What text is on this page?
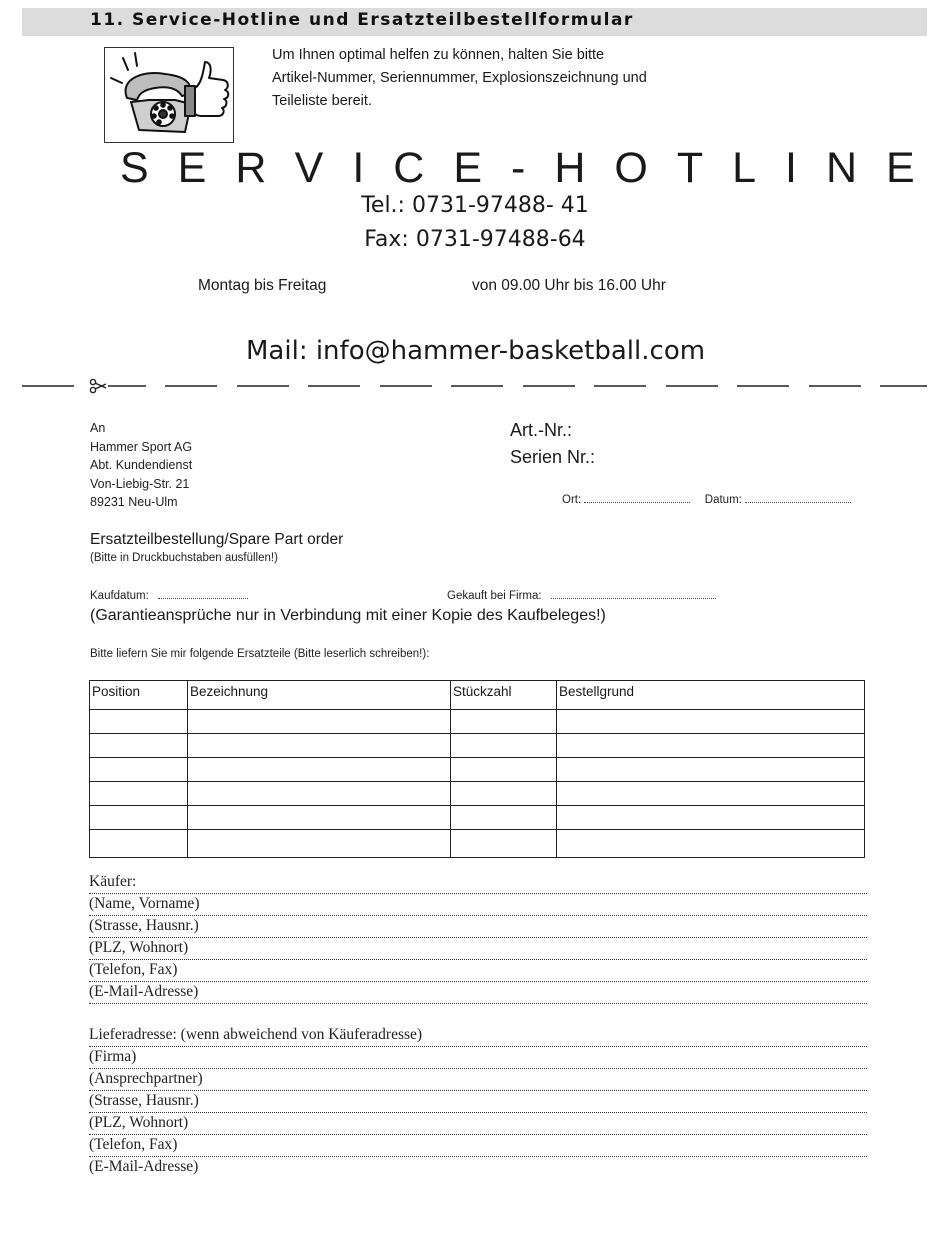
11. Service-Hotline und Ersatzteilbestellformular
Um Ihnen optimal helfen zu können, halten Sie bitte
Artikel-Nummer, Seriennummer, Explosionszeichnung und
Teileliste bereit.
SERVICE-HOTLINE
Tel.: 0731-97488- 41
Fax: 0731-97488-64
Montag bis Freitag	von 09.00 Uhr bis 16.00 Uhr
Mail: info@hammer-basketball.com
An
Hammer Sport AG
Abt. Kundendienst
Von-Liebig-Str. 21
89231 Neu-Ulm
Art.-Nr.:
Serien Nr.:
Ort:	Datum:
Ersatzteilbestellung/Spare Part order
(Bitte in Druckbuchstaben ausfüllen!)
Kaufdatum:	Gekauft bei Firma:
(Garantieansprüche nur in Verbindung mit einer Kopie des Kaufbeleges!)
Bitte liefern Sie mir folgende Ersatzteile (Bitte leserlich schreiben!):
Position	Bezeichnung	Stückzahl	Bestellgrund

Käufer:
(Name, Vorname)
(Strasse, Hausnr.)
(PLZ, Wohnort)
(Telefon, Fax)
(E-Mail-Adresse)
Lieferadresse: (wenn abweichend von Käuferadresse)
(Firma)
(Ansprechpartner)
(Strasse, Hausnr.)
(PLZ, Wohnort)
(Telefon, Fax)
(E-Mail-Adresse)
